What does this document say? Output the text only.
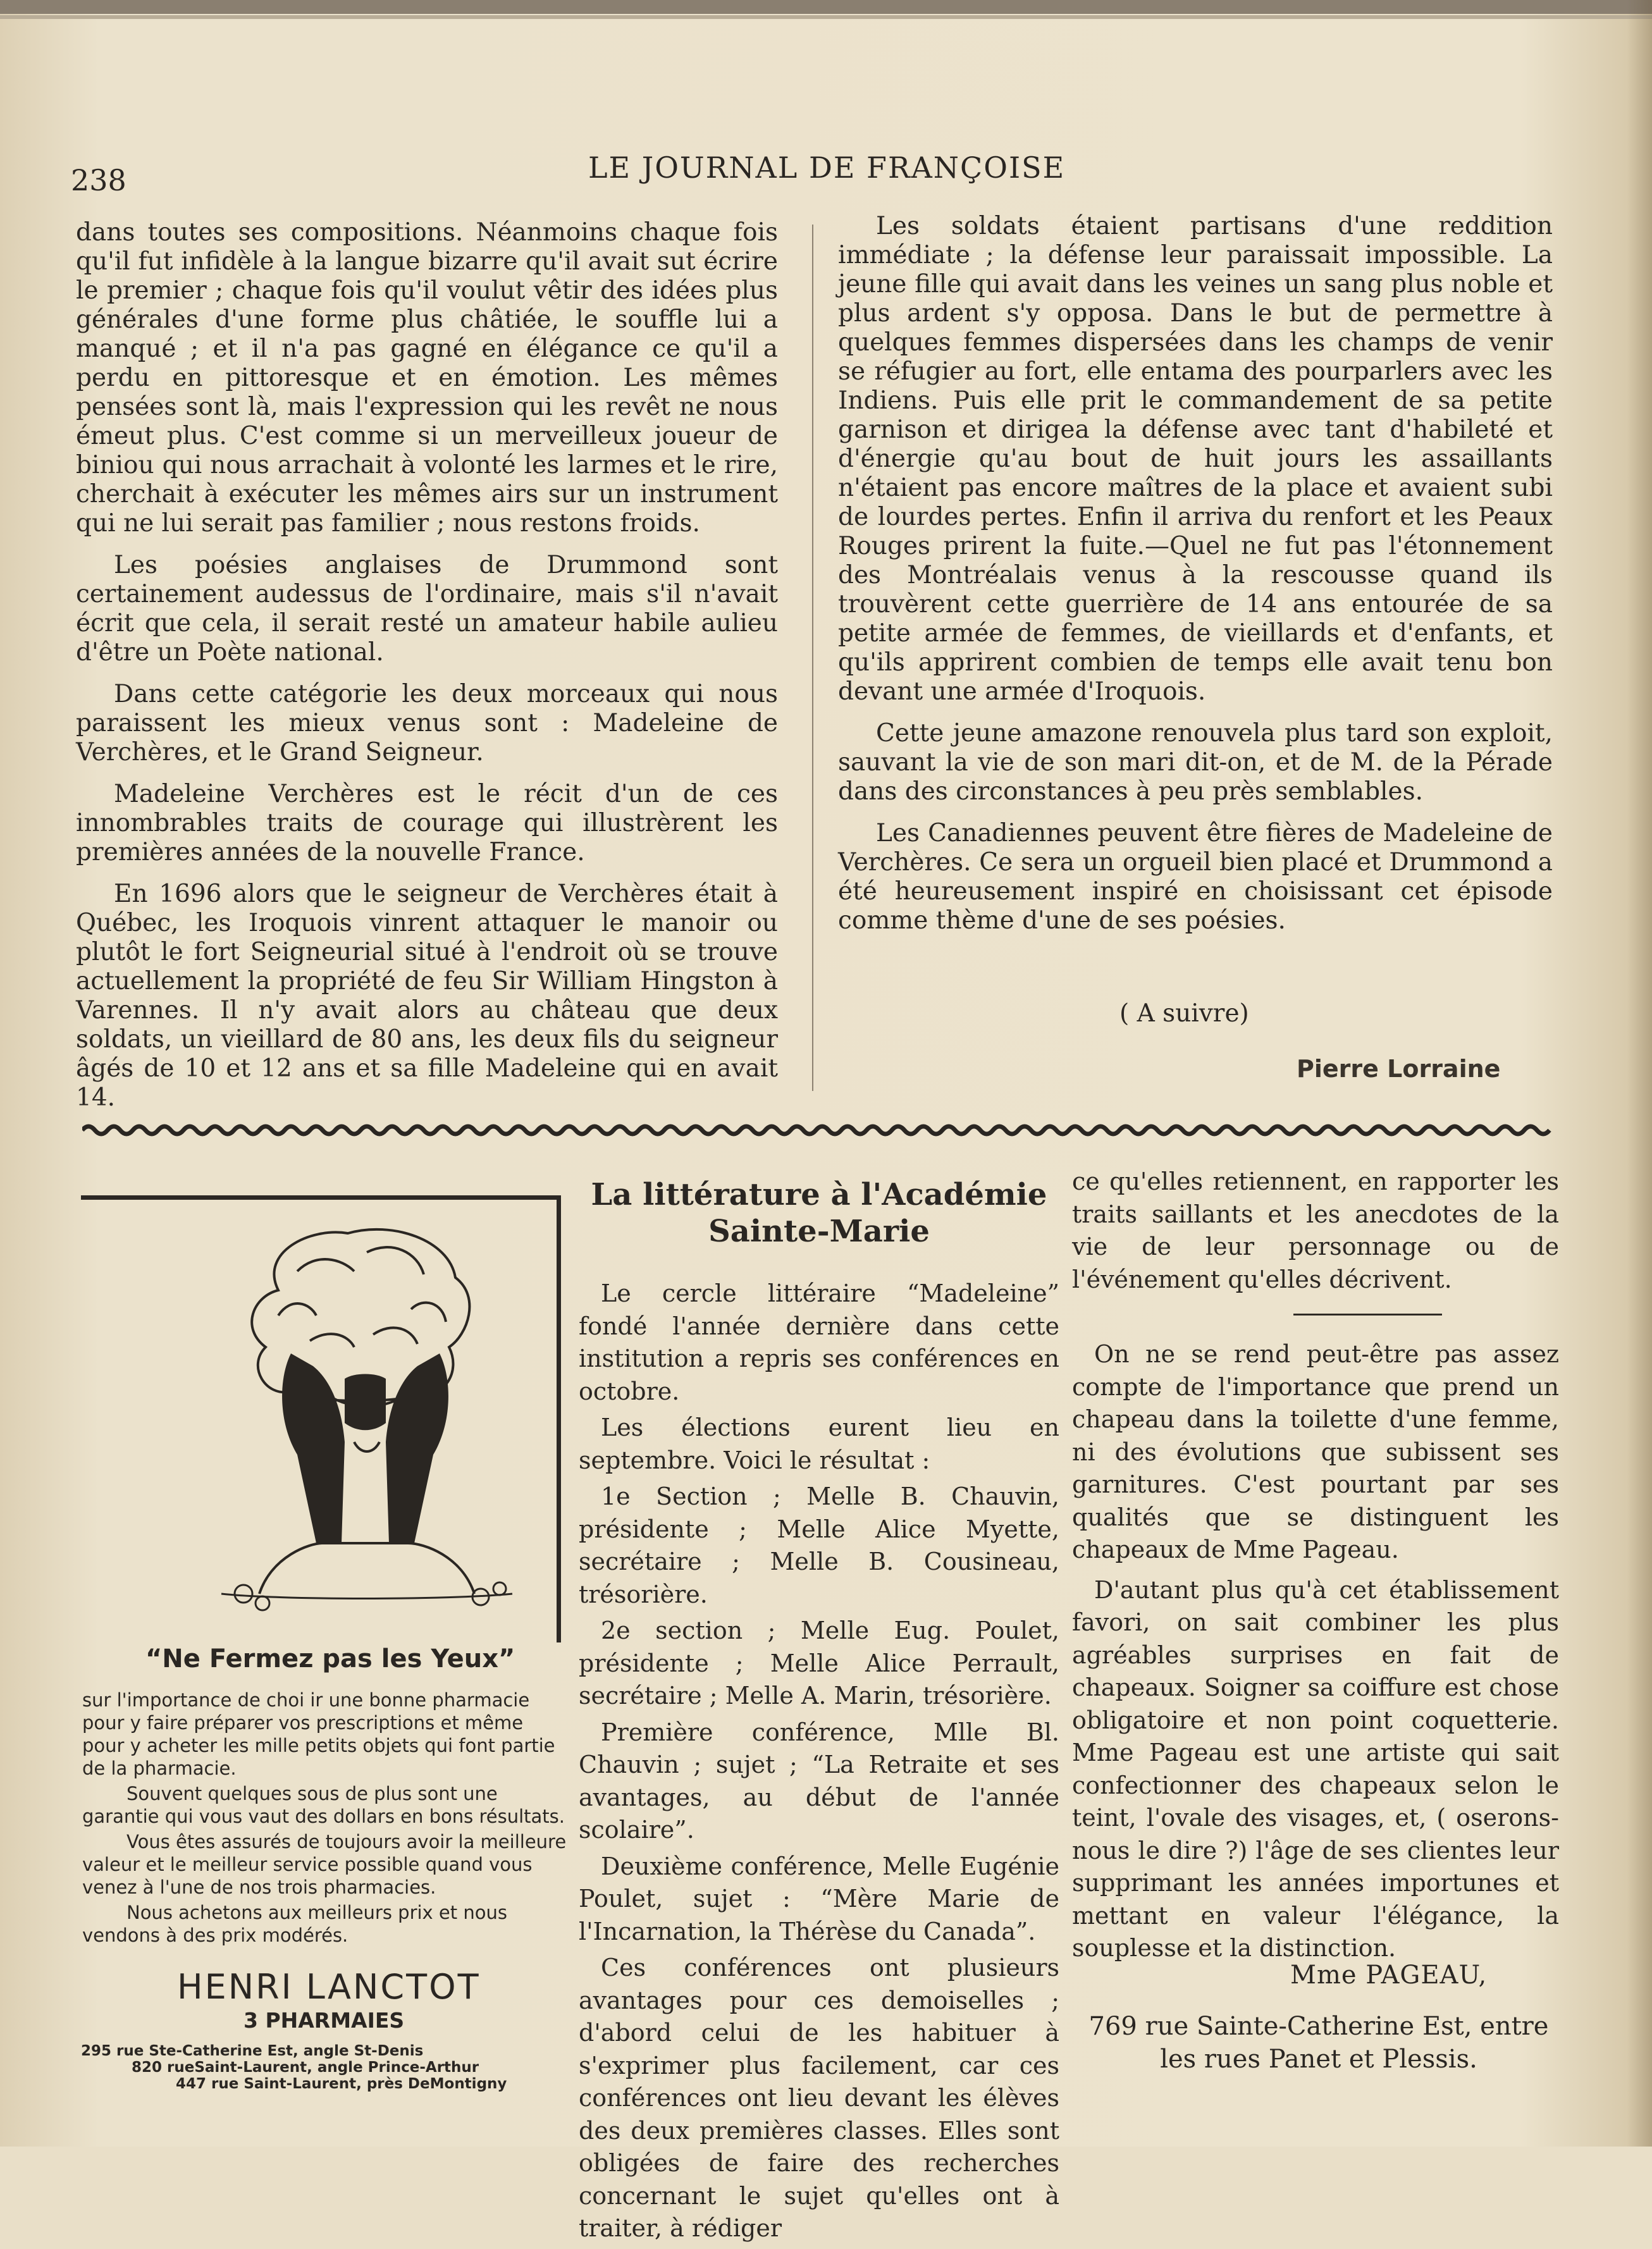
238	LE JOURNAL DE FRANÇOISE

dans toutes ses compositions. Néanmoins chaque fois qu'il fut infidèle à la langue bizarre qu'il avait sut écrire le premier ; chaque fois qu'il voulut vêtir des idées plus générales d'une forme plus châtiée, le souffle lui a manqué ; et il n'a pas gagné en élégance ce qu'il a perdu en pittoresque et en émotion. Les mêmes pensées sont là, mais l'expression qui les revêt ne nous émeut plus. C'est comme si un merveilleux joueur de biniou qui nous arrachait à volonté les larmes et le rire, cherchait à exécuter les mêmes airs sur un instrument qui ne lui serait pas familier ; nous restons froids.

Les poésies anglaises de Drummond sont certainement audessus de l'ordinaire, mais s'il n'avait écrit que cela, il serait resté un amateur habile aulieu d'être un Poète national.

Dans cette catégorie les deux morceaux qui nous paraissent les mieux venus sont : Madeleine de Verchères, et le Grand Seigneur.

Madeleine Verchères est le récit d'un de ces innombrables traits de courage qui illustrèrent les premières années de la nouvelle France.

En 1696 alors que le seigneur de Verchères était à Québec, les Iroquois vinrent attaquer le manoir ou plutôt le fort Seigneurial situé à l'endroit où se trouve actuellement la propriété de feu Sir William Hingston à Varennes. Il n'y avait alors au château que deux soldats, un vieillard de 80 ans, les deux fils du seigneur âgés de 10 et 12 ans et sa fille Madeleine qui en avait 14.

Les soldats étaient partisans d'une reddition immédiate ; la défense leur paraissait impossible. La jeune fille qui avait dans les veines un sang plus noble et plus ardent s'y opposa. Dans le but de permettre à quelques femmes dispersées dans les champs de venir se réfugier au fort, elle entama des pourparlers avec les Indiens. Puis elle prit le commandement de sa petite garnison et dirigea la défense avec tant d'habileté et d'énergie qu'au bout de huit jours les assaillants n'étaient pas encore maîtres de la place et avaient subi de lourdes pertes. Enfin il arriva du renfort et les Peaux Rouges prirent la fuite.—Quel ne fut pas l'étonnement des Montréalais venus à la rescousse quand ils trouvèrent cette guerrière de 14 ans entourée de sa petite armée de femmes, de vieillards et d'enfants, et qu'ils apprirent combien de temps elle avait tenu bon devant une armée d'Iroquois.

Cette jeune amazone renouvela plus tard son exploit, sauvant la vie de son mari dit-on, et de M. de la Pérade dans des circonstances à peu près semblables.

Les Canadiennes peuvent être fières de Madeleine de Verchères. Ce sera un orgueil bien placé et Drummond a été heureusement inspiré en choisissant cet épisode comme thème d'une de ses poésies.

( A suivre)
Pierre Lorraine
“Ne Fermez pas les Yeux”

sur l'importance de choi ir une bonne pharmacie pour y faire préparer vos prescriptions et même pour y acheter les mille petits objets qui font partie de la pharmacie.

Souvent quelques sous de plus sont une garantie qui vous vaut des dollars en bons résultats.

Vous êtes assurés de toujours avoir la meilleure valeur et le meilleur service possible quand vous venez à l'une de nos trois pharmacies.

Nous achetons aux meilleurs prix et nous vendons à des prix modérés.

HENRI LANCTOT
3 PHARMAIES
295 rue Ste-Catherine Est, angle St-Denis
820 rueSaint-Laurent, angle Prince-Arthur
447 rue Saint-Laurent, près DeMontigny
La littérature à l'Académie Sainte-Marie

Le cercle littéraire “Madeleine” fondé l'année dernière dans cette institution a repris ses conférences en octobre.

Les élections eurent lieu en septembre. Voici le résultat :

1e Section ; Melle B. Chauvin, présidente ; Melle Alice Myette, secrétaire ; Melle B. Cousineau, trésorière.

2e section ; Melle Eug. Poulet, présidente ; Melle Alice Perrault, secrétaire ; Melle A. Marin, trésorière.

Première conférence, Mlle Bl. Chauvin ; sujet ; “La Retraite et ses avantages, au début de l'année scolaire”.

Deuxième conférence, Melle Eugénie Poulet, sujet : “Mère Marie de l'Incarnation, la Thérèse du Canada”.

Ces conférences ont plusieurs avantages pour ces demoiselles ; d'abord celui de les habituer à s'exprimer plus facilement, car ces conférences ont lieu devant les élèves des deux premières classes. Elles sont obligées de faire des recherches concernant le sujet qu'elles ont à traiter, à rédiger

ce qu'elles retiennent, en rapporter les traits saillants et les anecdotes de la vie de leur personnage ou de l'événement qu'elles décrivent.

On ne se rend peut-être pas assez compte de l'importance que prend un chapeau dans la toilette d'une femme, ni des évolutions que subissent ses garnitures. C'est pourtant par ses qualités que se distinguent les chapeaux de Mme Pageau.

D'autant plus qu'à cet établissement favori, on sait combiner les plus agréables surprises en fait de chapeaux. Soigner sa coiffure est chose obligatoire et non point coquetterie. Mme Pageau est une artiste qui sait confectionner des chapeaux selon le teint, l'ovale des visages, et, ( oserons-nous le dire ?) l'âge de ses clientes leur supprimant les années importunes et mettant en valeur l'élégance, la souplesse et la distinction.

Mme PAGEAU,
769 rue Sainte-Catherine Est, entre
les rues Panet et Plessis.
